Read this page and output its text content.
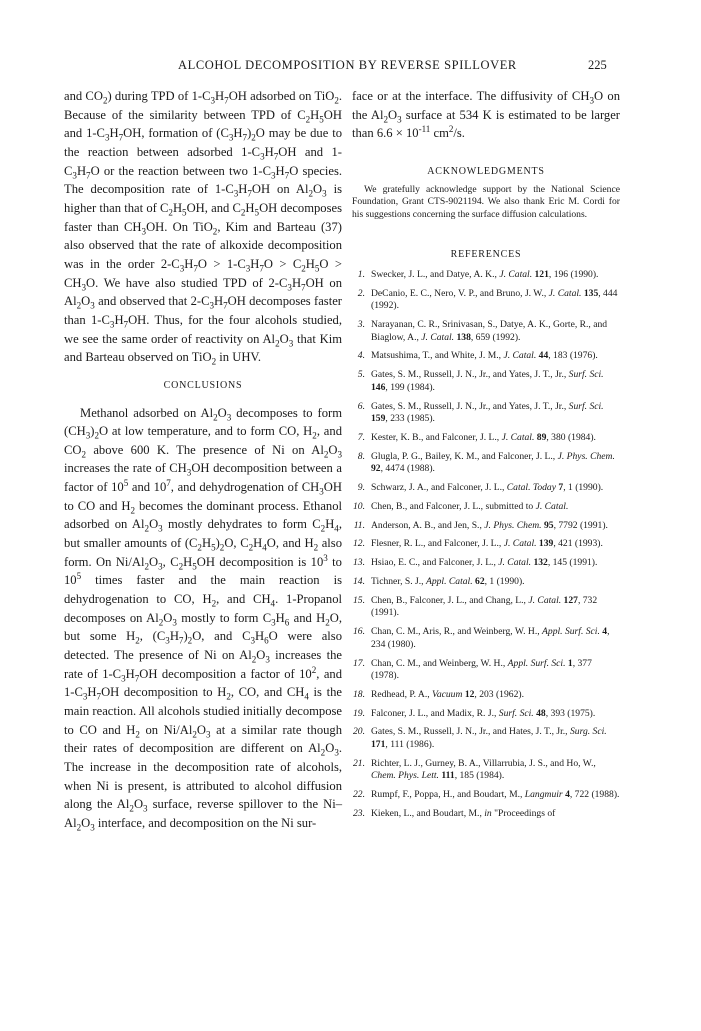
ALCOHOL DECOMPOSITION BY REVERSE SPILLOVER	225

and $CO_2$) during TPD of $1-C_3H_7OH$ adsorbed on TiO$_2$. Because of the similarity between TPD of $C_2H_5OH$ and $1-C_3H_7OH$, formation of $(C_3H_7)_2O$ may be due to the reaction between adsorbed $1-C_3H_7OH$ and $1-C_3H_7O$ or the reaction between two $1-C_3H_7O$ species. The decomposition rate of $1-C_3H_7OH$ on $Al_2O_3$ is higher than that of $C_2H_5OH$, and $C_2H_5OH$ decomposes faster than $CH_3OH$. On TiO$_2$, Kim and Barteau (37) also observed that the rate of alkoxide decomposition was in the order $2-C_3H_7O > 1-C_3H_7O > C_2H_5O > CH_3O$. We have also studied TPD of $2-C_3H_7OH$ on $Al_2O_3$ and observed that $2-C_3H_7OH$ decomposes faster than $1-C_3H_7OH$. Thus, for the four alcohols studied, we see the same order of reactivity on $Al_2O_3$ that Kim and Barteau observed on TiO$_2$ in UHV.

CONCLUSIONS

Methanol adsorbed on $Al_2O_3$ decomposes to form $(CH_3)_2O$ at low temperature, and to form CO, $H_2$, and $CO_2$ above 600 K. The presence of Ni on $Al_2O_3$ increases the rate of $CH_3OH$ decomposition between a factor of $10^5$ and $10^7$, and dehydrogenation of $CH_3OH$ to CO and $H_2$ becomes the dominant process. Ethanol adsorbed on $Al_2O_3$ mostly dehydrates to form $C_2H_4$, but smaller amounts of $(C_2H_5)_2O$, $C_2H_4O$, and $H_2$ also form. On $Ni/Al_2O_3$, $C_2H_5OH$ decomposition is $10^3$ to $10^5$ times faster and the main reaction is dehydrogenation to CO, $H_2$, and $CH_4$. 1-Propanol decomposes on $Al_2O_3$ mostly to form $C_3H_6$ and $H_2O$, but some $H_2$, $(C_3H_7)_2O$, and $C_3H_6O$ were also detected. The presence of Ni on $Al_2O_3$ increases the rate of $1-C_3H_7OH$ decomposition a factor of $10^2$, and $1-C_3H_7OH$ decomposition to $H_2$, CO, and $CH_4$ is the main reaction. All alcohols studied initially decompose to CO and $H_2$ on $Ni/Al_2O_3$ at a similar rate though their rates of decomposition are different on $Al_2O_3$. The increase in the decomposition rate of alcohols, when Ni is present, is attributed to alcohol diffusion along the $Al_2O_3$ surface, reverse spillover to the $Ni-Al_2O_3$ interface, and decomposition on the Ni sur-

face or at the interface. The diffusivity of $CH_3O$ on the $Al_2O_3$ surface at 534 K is estimated to be larger than $6.6 \times 10^{-11}$ $cm^2/s$.

ACKNOWLEDGMENTS

We gratefully acknowledge support by the National Science Foundation, Grant CTS-9021194. We also thank Eric M. Cordi for his suggestions concerning the surface diffusion calculations.

REFERENCES
1. Swecker, J. L., and Datye, A. K., J. Catal. 121, 196 (1990).
2. DeCanio, E. C., Nero, V. P., and Bruno, J. W., J. Catal. 135, 444 (1992).
3. Narayanan, C. R., Srinivasan, S., Datye, A. K., Gorte, R., and Biaglow, A., J. Catal. 138, 659 (1992).
4. Matsushima, T., and White, J. M., J. Catal. 44, 183 (1976).
5. Gates, S. M., Russell, J. N., Jr., and Yates, J. T., Jr., Surf. Sci. 146, 199 (1984).
6. Gates, S. M., Russell, J. N., Jr., and Yates, J. T., Jr., Surf. Sci. 159, 233 (1985).
7. Kester, K. B., and Falconer, J. L., J. Catal. 89, 380 (1984).
8. Glugla, P. G., Bailey, K. M., and Falconer, J. L., J. Phys. Chem. 92, 4474 (1988).
9. Schwarz, J. A., and Falconer, J. L., Catal. Today 7, 1 (1990).
10. Chen, B., and Falconer, J. L., submitted to J. Catal.
11. Anderson, A. B., and Jen, S., J. Phys. Chem. 95, 7792 (1991).
12. Flesner, R. L., and Falconer, J. L., J. Catal. 139, 421 (1993).
13. Hsiao, E. C., and Falconer, J. L., J. Catal. 132, 145 (1991).
14. Tichner, S. J., Appl. Catal. 62, 1 (1990).
15. Chen, B., Falconer, J. L., and Chang, L., J. Catal. 127, 732 (1991).
16. Chan, C. M., Aris, R., and Weinberg, W. H., Appl. Surf. Sci. 4, 234 (1980).
17. Chan, C. M., and Weinberg, W. H., Appl. Surf. Sci. 1, 377 (1978).
18. Redhead, P. A., Vacuum 12, 203 (1962).
19. Falconer, J. L., and Madix, R. J., Surf. Sci. 48, 393 (1975).
20. Gates, S. M., Russell, J. N., Jr., and Hates, J. T., Jr., Surg. Sci. 171, 111 (1986).
21. Richter, L. J., Gurney, B. A., Villarrubia, J. S., and Ho, W., Chem. Phys. Lett. 111, 185 (1984).
22. Rumpf, F., Poppa, H., and Boudart, M., Langmuir 4, 722 (1988).
23. Kieken, L., and Boudart, M., in "Proceedings of
